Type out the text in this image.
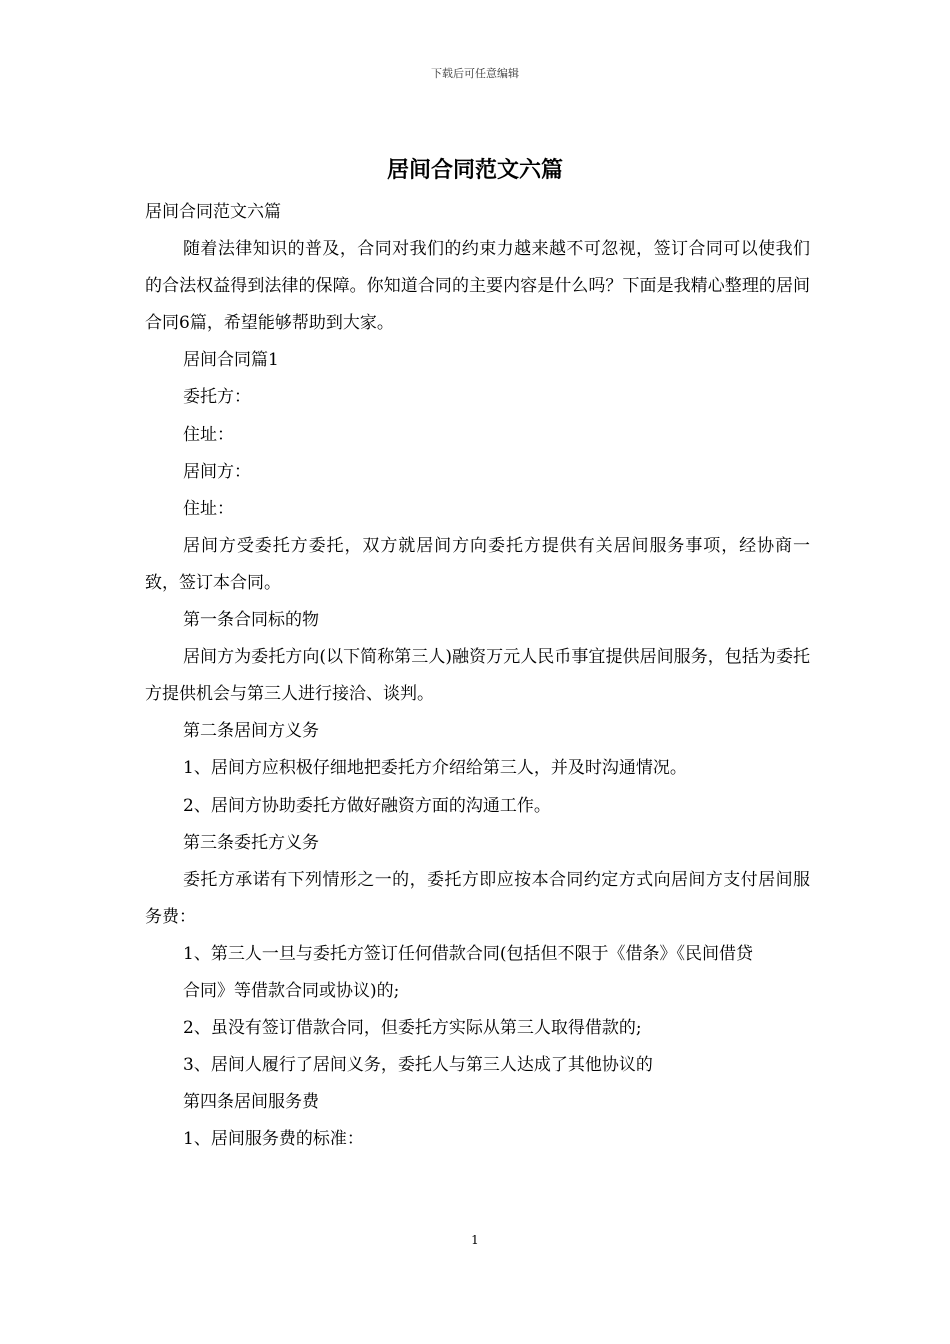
下载后可任意编辑
居间合同范文六篇

居间合同范文六篇

随着法律知识的普及，合同对我们的约束力越来越不可忽视，签订合同可以使我们的合法权益得到法律的保障。你知道合同的主要内容是什么吗？下面是我精心整理的居间合同6篇，希望能够帮助到大家。

居间合同篇1

委托方：

住址：

居间方：

住址：

居间方受委托方委托，双方就居间方向委托方提供有关居间服务事项，经协商一致，签订本合同。

第一条合同标的物

居间方为委托方向(以下简称第三人)融资万元人民币事宜提供居间服务，包括为委托方提供机会与第三人进行接洽、谈判。

第二条居间方义务

1、居间方应积极仔细地把委托方介绍给第三人，并及时沟通情况。

2、居间方协助委托方做好融资方面的沟通工作。

第三条委托方义务

委托方承诺有下列情形之一的，委托方即应按本合同约定方式向居间方支付居间服务费：

1、第三人一旦与委托方签订任何借款合同(包括但不限于《借条》《民间借贷

合同》等借款合同或协议)的;

2、虽没有签订借款合同，但委托方实际从第三人取得借款的;

3、居间人履行了居间义务，委托人与第三人达成了其他协议的

第四条居间服务费

1、居间服务费的标准：

1
